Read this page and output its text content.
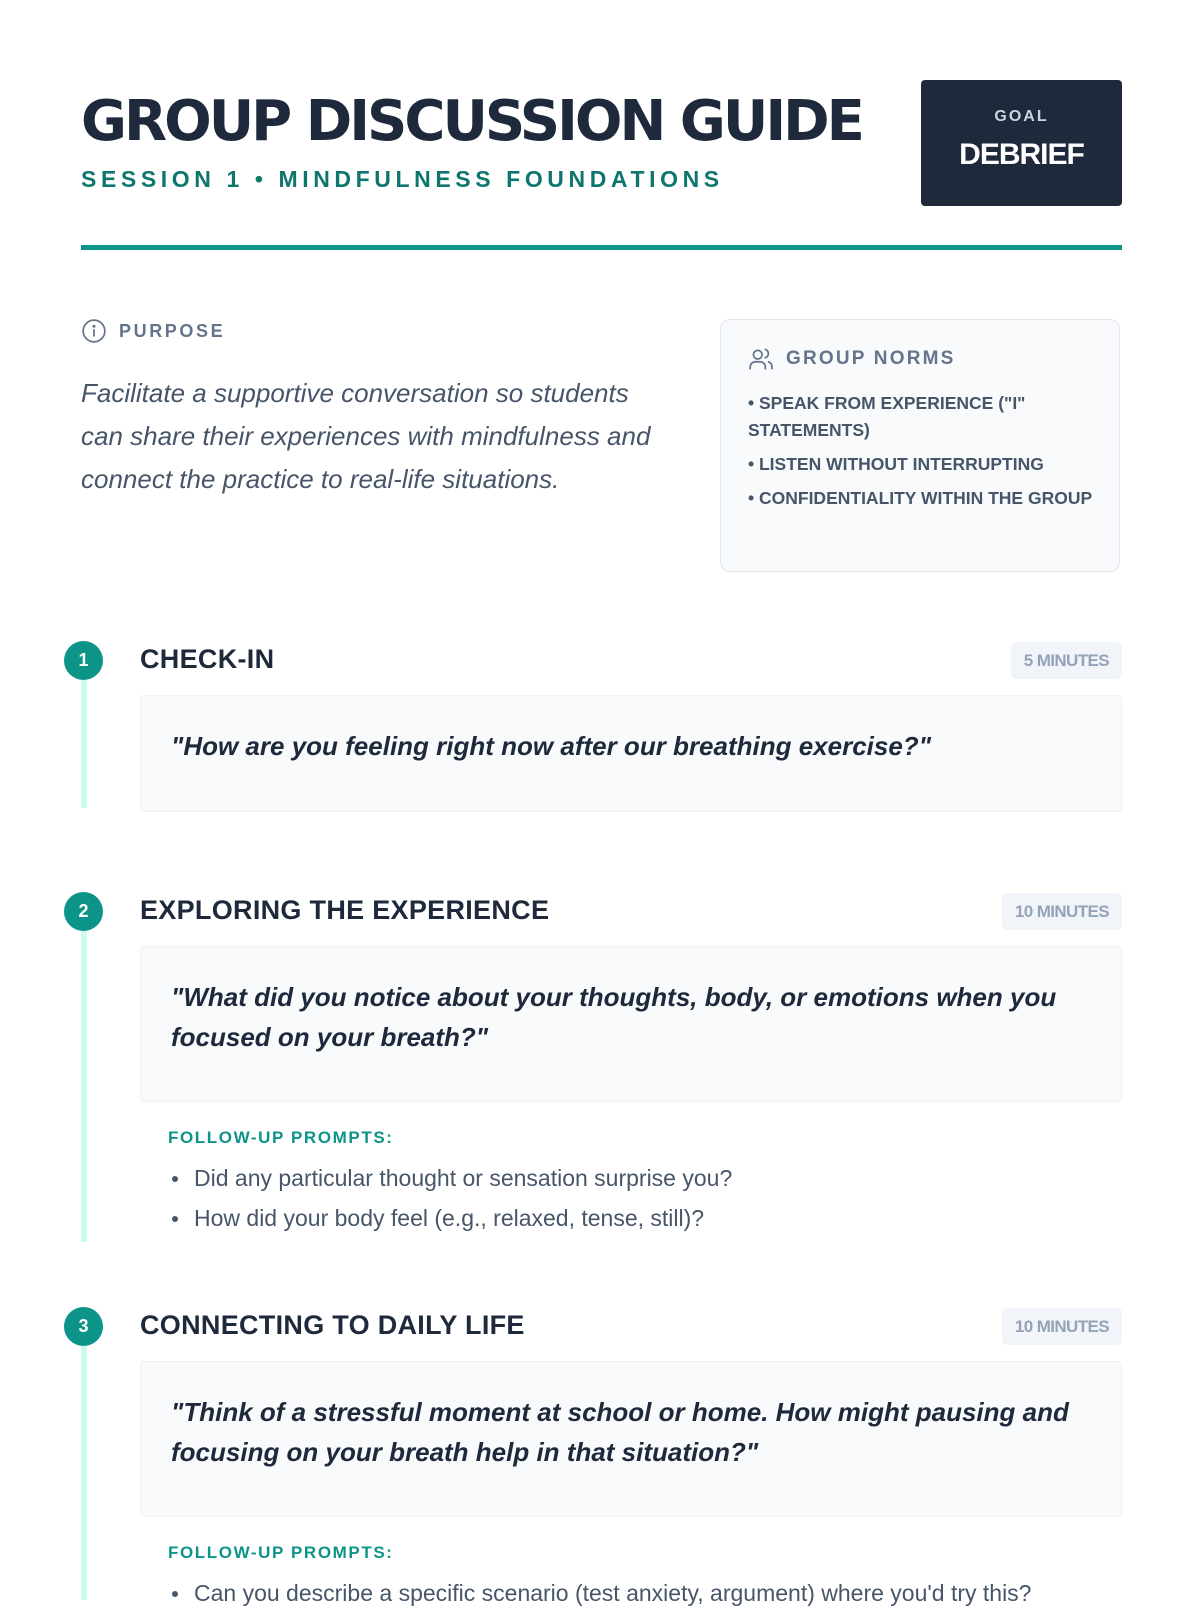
GROUP DISCUSSION GUIDE
SESSION 1 • MINDFULNESS FOUNDATIONS
GOAL
DEBRIEF
PURPOSE
Facilitate a supportive conversation so students can share their experiences with mindfulness and connect the practice to real-life situations.
GROUP NORMS
• SPEAK FROM EXPERIENCE ("I" STATEMENTS)
• LISTEN WITHOUT INTERRUPTING
• CONFIDENTIALITY WITHIN THE GROUP
1	CHECK-IN	5 MINUTES
"How are you feeling right now after our breathing exercise?"
2	EXPLORING THE EXPERIENCE	10 MINUTES
"What did you notice about your thoughts, body, or emotions when you focused on your breath?"
FOLLOW-UP PROMPTS:
Did any particular thought or sensation surprise you?
How did your body feel (e.g., relaxed, tense, still)?
3	CONNECTING TO DAILY LIFE	10 MINUTES
"Think of a stressful moment at school or home. How might pausing and focusing on your breath help in that situation?"
FOLLOW-UP PROMPTS:
Can you describe a specific scenario (test anxiety, argument) where you'd try this?
